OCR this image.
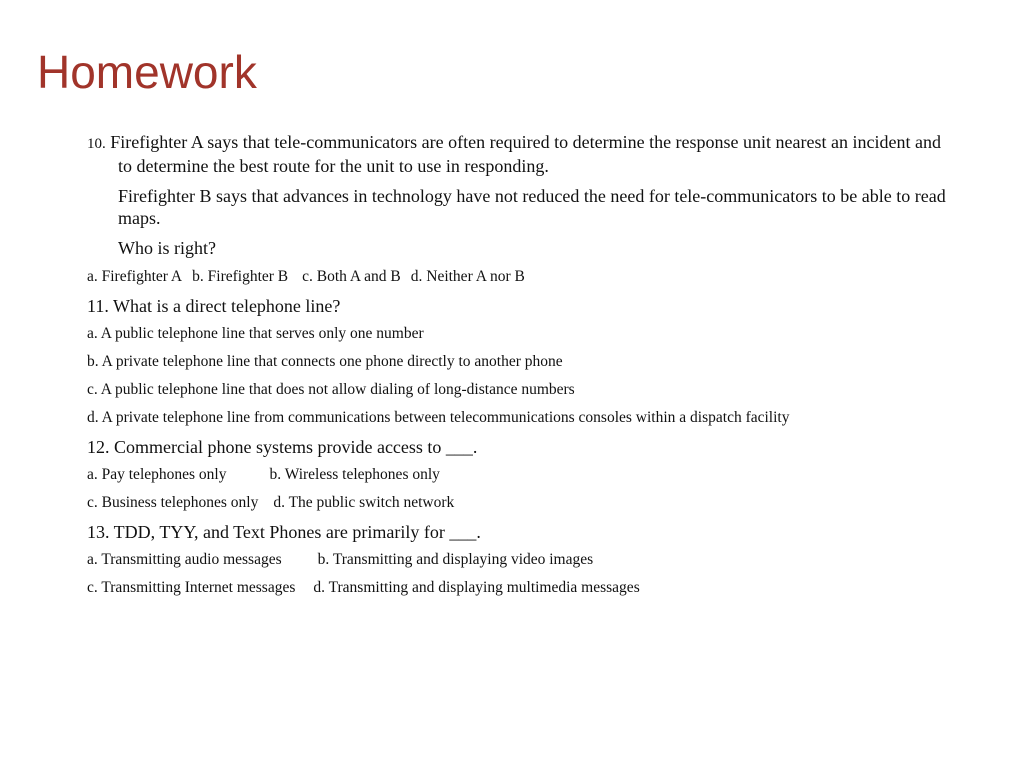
Homework

10. Firefighter A says that tele-communicators are often required to determine the response unit nearest an incident and to determine the best route for the unit to use in responding.

Firefighter B says that advances in technology have not reduced the need for tele-communicators to be able to read maps.

Who is right?

a. Firefighter A b. Firefighter B c. Both A and B d. Neither A nor B

11. What is a direct telephone line?

a. A public telephone line that serves only one number

b. A private telephone line that connects one phone directly to another phone

c. A public telephone line that does not allow dialing of long-distance numbers

d. A private telephone line from communications between telecommunications consoles within a dispatch facility

12. Commercial phone systems provide access to ___.

a. Pay telephones only	b. Wireless telephones only

c. Business telephones only d. The public switch network

13. TDD, TYY, and Text Phones are primarily for ___.

a. Transmitting audio messages b. Transmitting and displaying video images

c. Transmitting Internet messages d. Transmitting and displaying multimedia messages
